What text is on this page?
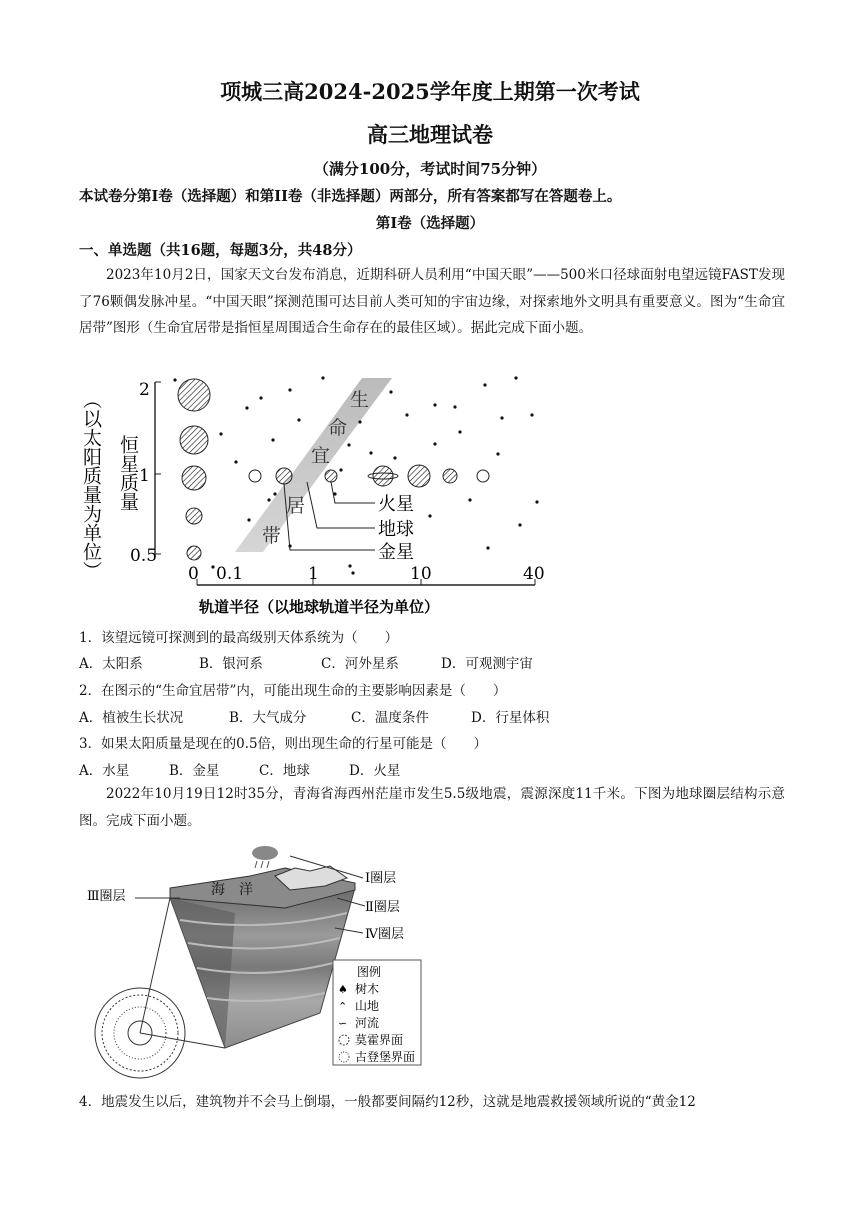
项城三高2024-2025学年度上期第一次考试
高三地理试卷
（满分100分，考试时间75分钟）
本试卷分第Ⅰ卷（选择题）和第II卷（非选择题）两部分，所有答案都写在答题卷上。
第Ⅰ卷（选择题）
一、单选题（共16题，每题3分，共48分）
2023年10月2日，国家天文台发布消息，近期科研人员利用“中国天眼”——500米口径球面射电望远镜FAST发现了76颗偶发脉冲星。“中国天眼”探测范围可达目前人类可知的宇宙边缘，对探索地外文明具有重要意义。图为“生命宜居带”图形（生命宜居带是指恒星周围适合生命存在的最佳区域）。据此完成下面小题。
（以太阳质量为单位） 恒星质量
2
1
0.5
0 0.1	1	10	40
轨道半径（以地球轨道半径为单位）
生
命
宜
居
带
火星
地球
金星
1．该望远镜可探测到的最高级别天体系统为（　　）
A．太阳系	B．银河系	C．河外星系	D．可观测宇宙
2．在图示的“生命宜居带”内，可能出现生命的主要影响因素是（　　）
A．植被生长状况	B．大气成分	C．温度条件	D．行星体积
3．如果太阳质量是现在的0.5倍，则出现生命的行星可能是（　　）
A．水星	B．金星	C．地球	D．火星
2022年10月19日12时35分，青海省海西州茫崖市发生5.5级地震，震源深度11千米。下图为地球圈层结构示意图。完成下面小题。
海　洋
Ⅰ圈层
Ⅱ圈层
Ⅳ圈层
Ⅲ圈层
图例
♠ 树木
⌃ 山地
∽ 河流
莫霍界面
古登堡界面
4．地震发生以后，建筑物并不会马上倒塌，一般都要间隔约12秒，这就是地震救援领域所说的“黄金12
